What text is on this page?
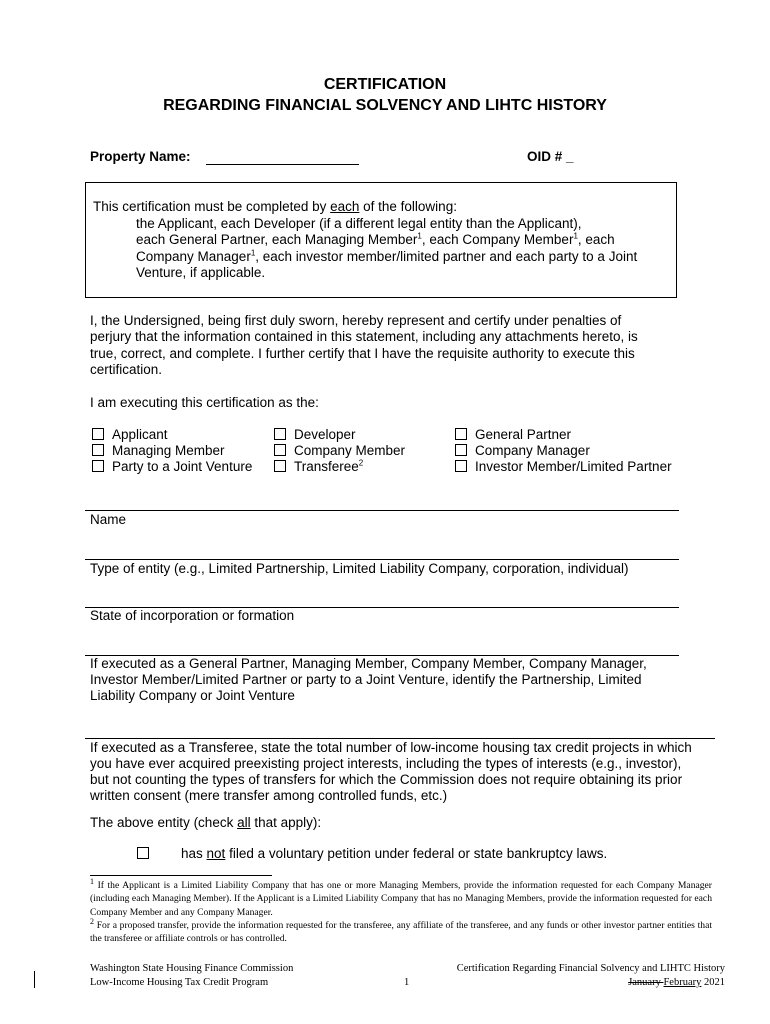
CERTIFICATION
REGARDING FINANCIAL SOLVENCY AND LIHTC HISTORY
Property Name:	OID # _
This certification must be completed by each of the following:
the Applicant, each Developer (if a different legal entity than the Applicant),
each General Partner, each Managing Member$^1$, each Company Member$^1$, each
Company Manager$^1$, each investor member/limited partner and each party to a Joint
Venture, if applicable.
I, the Undersigned, being first duly sworn, hereby represent and certify under penalties of
perjury that the information contained in this statement, including any attachments hereto, is
true, correct, and complete. I further certify that I have the requisite authority to execute this
certification.
I am executing this certification as the:
Applicant
Managing Member
Party to a Joint Venture
Developer
Company Member
Transferee$^2$
General Partner
Company Manager
Investor Member/Limited Partner
Name
Type of entity (e.g., Limited Partnership, Limited Liability Company, corporation, individual)
State of incorporation or formation
If executed as a General Partner, Managing Member, Company Member, Company Manager,
Investor Member/Limited Partner or party to a Joint Venture, identify the Partnership, Limited
Liability Company or Joint Venture
If executed as a Transferee, state the total number of low-income housing tax credit projects in which
you have ever acquired preexisting project interests, including the types of interests (e.g., investor),
but not counting the types of transfers for which the Commission does not require obtaining its prior
written consent (mere transfer among controlled funds, etc.)
The above entity (check all that apply):
has not filed a voluntary petition under federal or state bankruptcy laws.
$^1$ If the Applicant is a Limited Liability Company that has one or more Managing Members, provide the information requested for each Company Manager (including each Managing Member). If the Applicant is a Limited Liability Company that has no Managing Members, provide the information requested for each Company Member and any Company Manager.
$^2$ For a proposed transfer, provide the information requested for the transferee, any affiliate of the transferee, and any funds or other investor partner entities that the transferee or affiliate controls or has controlled.
Washington State Housing Finance Commission
Low-Income Housing Tax Credit Program	1
Certification Regarding Financial Solvency and LIHTC History
January February 2021
